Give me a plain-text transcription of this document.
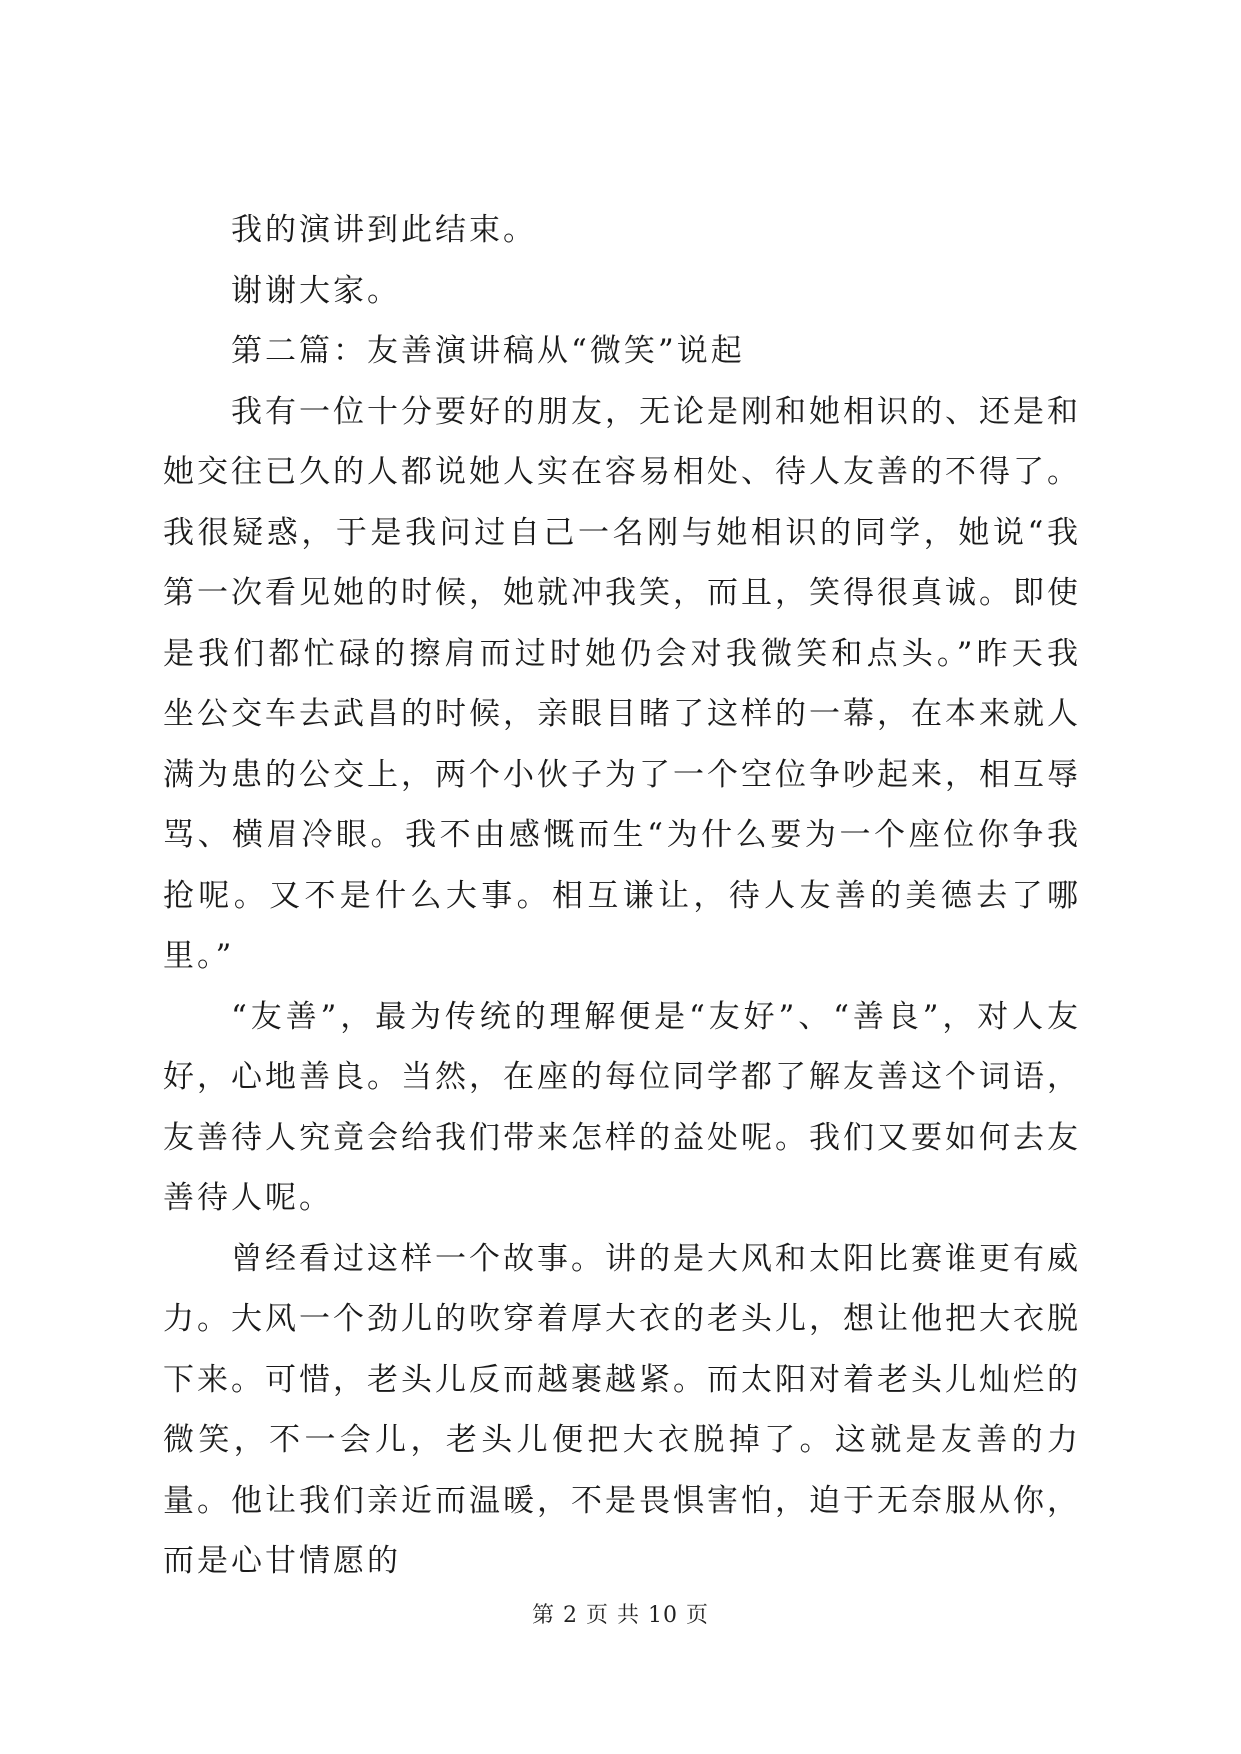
我的演讲到此结束。

谢谢大家。

第二篇：友善演讲稿从“微笑”说起

我有一位十分要好的朋友，无论是刚和她相识的、还是和她交往已久的人都说她人实在容易相处、待人友善的不得了。我很疑惑，于是我问过自己一名刚与她相识的同学，她说“我第一次看见她的时候，她就冲我笑，而且，笑得很真诚。即使是我们都忙碌的擦肩而过时她仍会对我微笑和点头。”昨天我坐公交车去武昌的时候，亲眼目睹了这样的一幕，在本来就人满为患的公交上，两个小伙子为了一个空位争吵起来，相互辱骂、横眉冷眼。我不由感慨而生“为什么要为一个座位你争我抢呢。又不是什么大事。相互谦让，待人友善的美德去了哪里。”

“友善”，最为传统的理解便是“友好”、“善良”，对人友好，心地善良。当然，在座的每位同学都了解友善这个词语，友善待人究竟会给我们带来怎样的益处呢。我们又要如何去友善待人呢。

曾经看过这样一个故事。讲的是大风和太阳比赛谁更有威力。大风一个劲儿的吹穿着厚大衣的老头儿，想让他把大衣脱下来。可惜，老头儿反而越裹越紧。而太阳对着老头儿灿烂的微笑，不一会儿，老头儿便把大衣脱掉了。这就是友善的力量。他让我们亲近而温暖，不是畏惧害怕，迫于无奈服从你，而是心甘情愿的

第 2 页 共 10 页
